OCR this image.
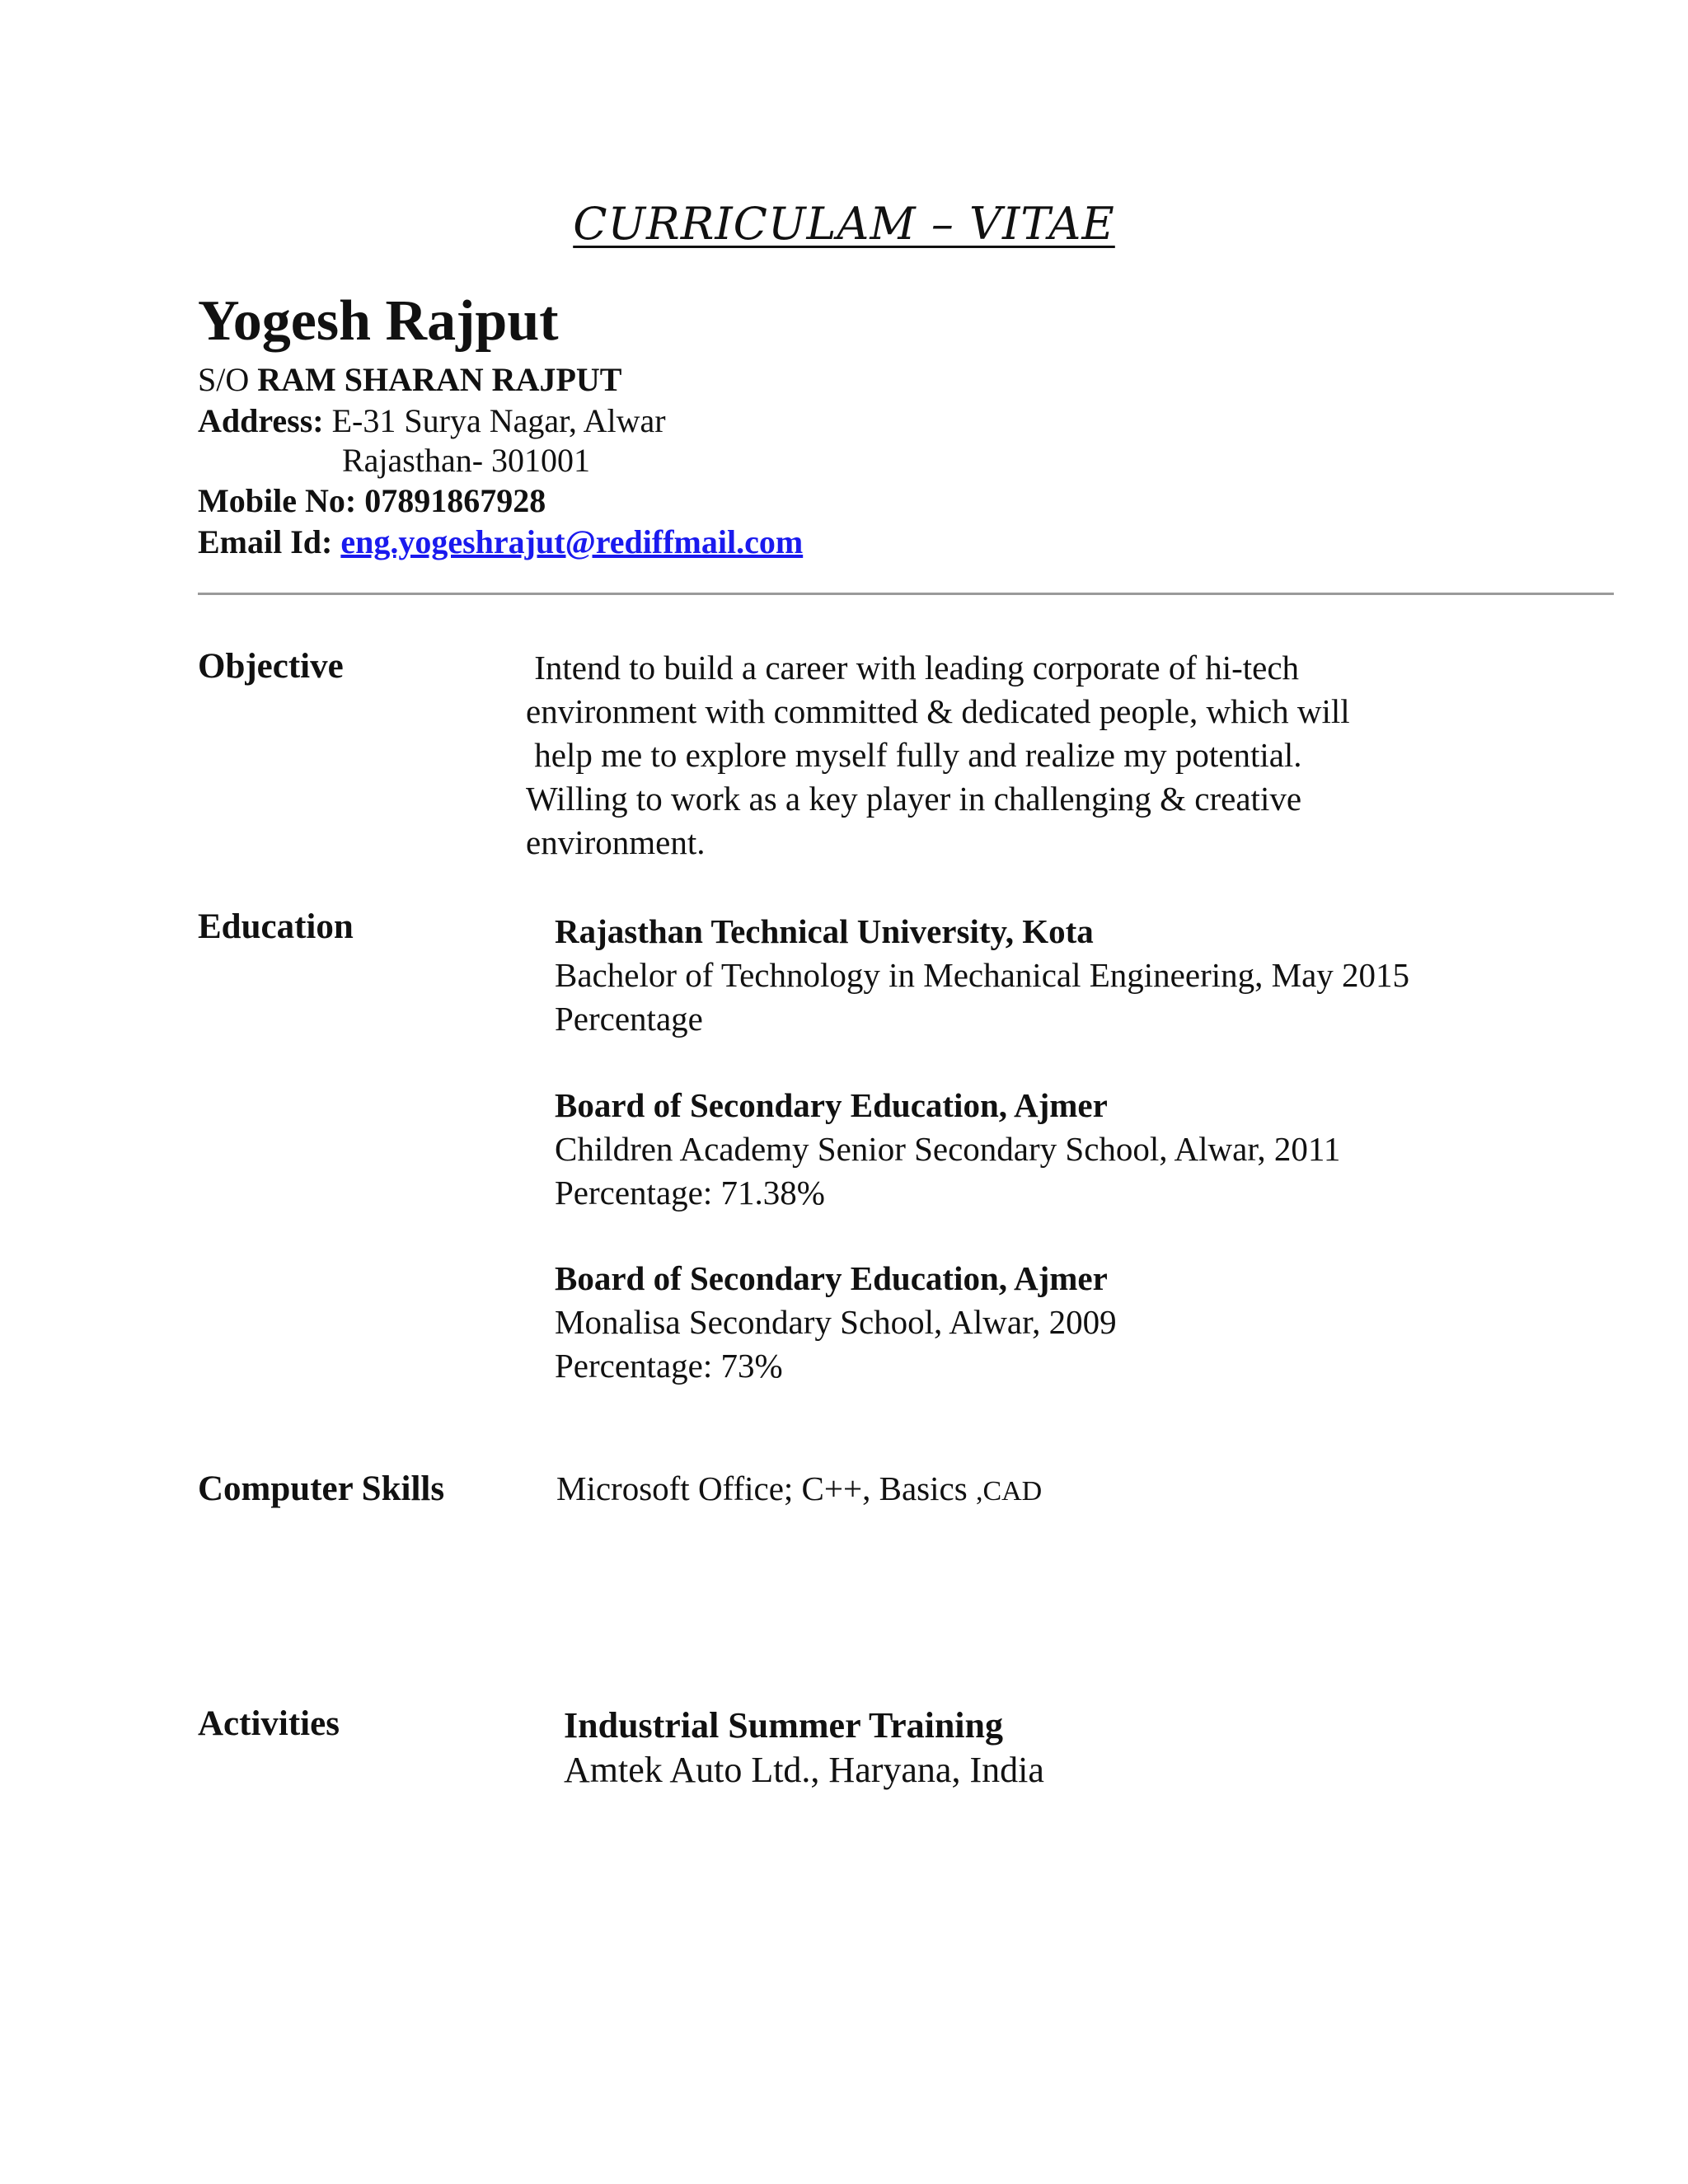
CURRICULAM – VITAE
Yogesh Rajput
S/O RAM SHARAN RAJPUT
Address: E-31 Surya Nagar, Alwar
Rajasthan- 301001
Mobile No: 07891867928
Email Id: eng.yogeshrajut@rediffmail.com
Objective	Intend to build a career with leading corporate of hi-tech
environment with committed & dedicated people, which will
help me to explore myself fully and realize my potential.
Willing to work as a key player in challenging & creative
environment.
Education	Rajasthan Technical University, Kota
Bachelor of Technology in Mechanical Engineering, May 2015
Percentage
Board of Secondary Education, Ajmer
Children Academy Senior Secondary School, Alwar, 2011
Percentage: 71.38%
Board of Secondary Education, Ajmer
Monalisa Secondary School, Alwar, 2009
Percentage: 73%
Computer Skills	Microsoft Office; C++, Basics ,CAD
Activities	Industrial Summer Training
Amtek Auto Ltd., Haryana, India
